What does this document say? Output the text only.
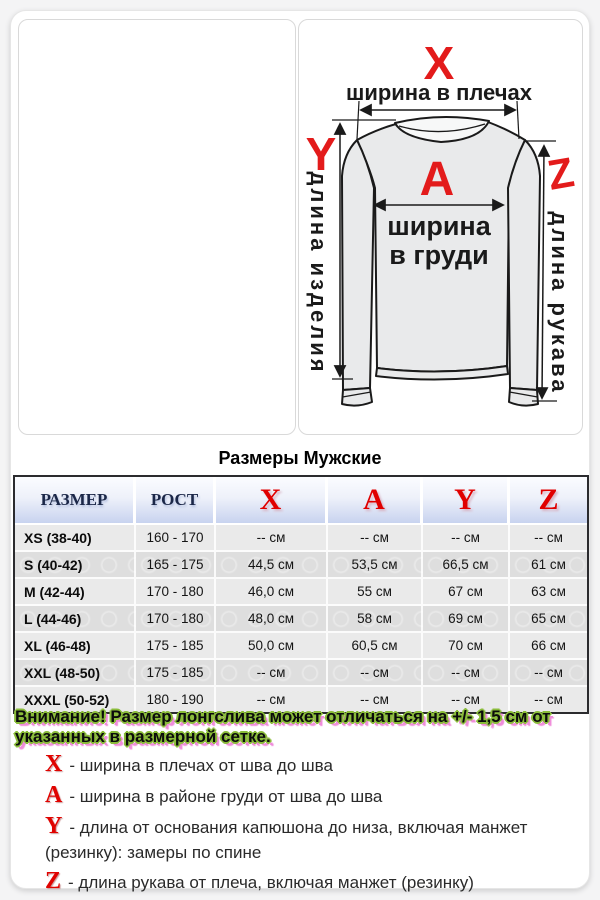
X
ширина в плечах
Y
длина изделия A
ширина
в груди
Z
длина рукава
Размеры Мужские
РАЗМЕР	РОСТ	X	A	Y	Z
XS (38-40)	160 - 170	-- см	-- см	-- см	-- см
S (40-42)	165 - 175	44,5 см	53,5 см	66,5 см	61 см
M (42-44)	170 - 180	46,0 см	55 см	67 см	63 см
L (44-46)	170 - 180	48,0 см	58 см	69 см	65 см
XL (46-48)	175 - 185	50,0 см	60,5 см	70 см	66 см
XXL (48-50)	175 - 185	-- см	-- см	-- см	-- см
XXXL (50-52)	180 - 190	-- см	-- см	-- см	-- см
Внимание! Размер лонгслива может отличаться на +/- 1,5 см от
указанных в размерной сетке.
X - ширина в плечах от шва до шва
A - ширина в районе груди от шва до шва
Y - длина от основания капюшона до низа, включая манжет
(резинку): замеры по спине
Z - длина рукава от плеча, включая манжет (резинку)
